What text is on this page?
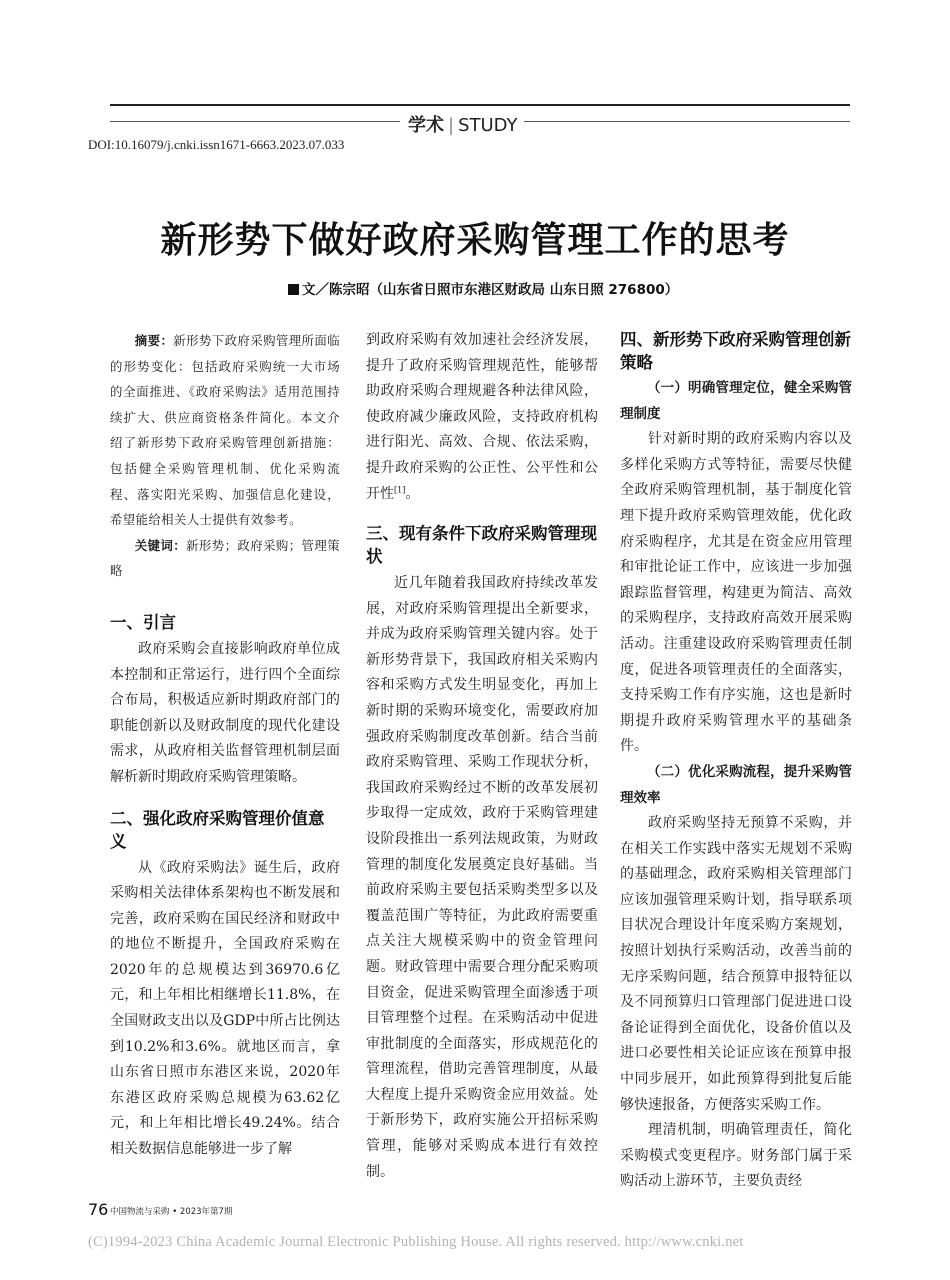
学术 | STUDY
DOI:10.16079/j.cnki.issn1671-6663.2023.07.033
新形势下做好政府采购管理工作的思考
文／陈宗昭（山东省日照市东港区财政局 山东日照 276800）

摘要：新形势下政府采购管理所面临的形势变化：包括政府采购统一大市场的全面推进、《政府采购法》适用范围持续扩大、供应商资格条件简化。本文介绍了新形势下政府采购管理创新措施：包括健全采购管理机制、优化采购流程、落实阳光采购、加强信息化建设，希望能给相关人士提供有效参考。

关键词：新形势；政府采购；管理策略

一、引言

政府采购会直接影响政府单位成本控制和正常运行，进行四个全面综合布局，积极适应新时期政府部门的职能创新以及财政制度的现代化建设需求，从政府相关监督管理机制层面解析新时期政府采购管理策略。

二、强化政府采购管理价值意义

从《政府采购法》诞生后，政府采购相关法律体系架构也不断发展和完善，政府采购在国民经济和财政中的地位不断提升，全国政府采购在2020年的总规模达到36970.6亿元，和上年相比相继增长11.8%，在全国财政支出以及GDP中所占比例达到10.2%和3.6%。就地区而言，拿山东省日照市东港区来说，2020年东港区政府采购总规模为63.62亿元，和上年相比增长49.24%。结合相关数据信息能够进一步了解

到政府采购有效加速社会经济发展，提升了政府采购管理规范性，能够帮助政府采购合理规避各种法律风险，使政府减少廉政风险，支持政府机构进行阳光、高效、合规、依法采购，提升政府采购的公正性、公平性和公开性[1]。

三、现有条件下政府采购管理现状

近几年随着我国政府持续改革发展，对政府采购管理提出全新要求，并成为政府采购管理关键内容。处于新形势背景下，我国政府相关采购内容和采购方式发生明显变化，再加上新时期的采购环境变化，需要政府加强政府采购制度改革创新。结合当前政府采购管理、采购工作现状分析，我国政府采购经过不断的改革发展初步取得一定成效，政府于采购管理建设阶段推出一系列法规政策，为财政管理的制度化发展奠定良好基础。当前政府采购主要包括采购类型多以及覆盖范围广等特征，为此政府需要重点关注大规模采购中的资金管理问题。财政管理中需要合理分配采购项目资金，促进采购管理全面渗透于项目管理整个过程。在采购活动中促进审批制度的全面落实，形成规范化的管理流程，借助完善管理制度，从最大程度上提升采购资金应用效益。处于新形势下，政府实施公开招标采购管理，能够对采购成本进行有效控制。

四、新形势下政府采购管理创新策略
（一）明确管理定位，健全采购管理制度

针对新时期的政府采购内容以及多样化采购方式等特征，需要尽快健全政府采购管理机制，基于制度化管理下提升政府采购管理效能，优化政府采购程序，尤其是在资金应用管理和审批论证工作中，应该进一步加强跟踪监督管理，构建更为简洁、高效的采购程序，支持政府高效开展采购活动。注重建设政府采购管理责任制度，促进各项管理责任的全面落实，支持采购工作有序实施，这也是新时期提升政府采购管理水平的基础条件。

（二）优化采购流程，提升采购管理效率

政府采购坚持无预算不采购，并在相关工作实践中落实无规划不采购的基础理念，政府采购相关管理部门应该加强管理采购计划，指导联系项目状况合理设计年度采购方案规划，按照计划执行采购活动，改善当前的无序采购问题，结合预算申报特征以及不同预算归口管理部门促进进口设备论证得到全面优化，设备价值以及进口必要性相关论证应该在预算申报中同步展开，如此预算得到批复后能够快速报备，方便落实采购工作。

理清机制，明确管理责任，简化采购模式变更程序。财务部门属于采购活动上游环节，主要负责经

76 中国物流与采购 • 2023年第7期
(C)1994-2023 China Academic Journal Electronic Publishing House. All rights reserved. http://www.cnki.net
